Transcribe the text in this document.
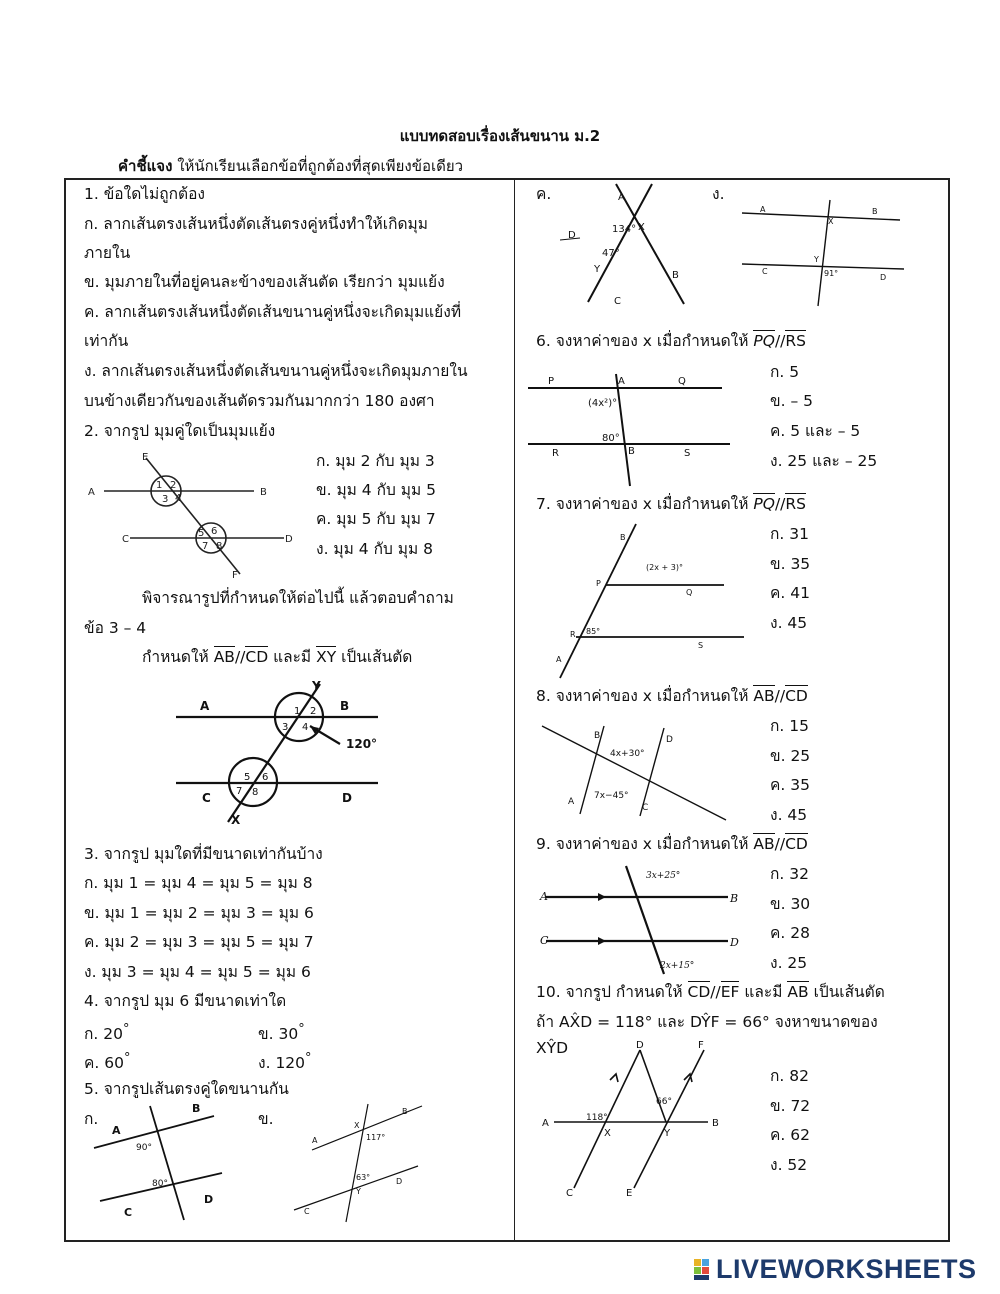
แบบทดสอบเรื่องเส้นขนาน ม.2
คำชี้แจง ให้นักเรียนเลือกข้อที่ถูกต้องที่สุดเพียงข้อเดียว
1. ข้อใดไม่ถูกต้อง
ก. ลากเส้นตรงเส้นหนึ่งตัดเส้นตรงคู่หนึ่งทำให้เกิดมุม
ภายใน
ข. มุมภายในที่อยู่คนละข้างของเส้นตัด เรียกว่า มุมแย้ง
ค. ลากเส้นตรงเส้นหนึ่งตัดเส้นขนานคู่หนึ่งจะเกิดมุมแย้งที่
เท่ากัน
ง. ลากเส้นตรงเส้นหนึ่งตัดเส้นขนานคู่หนึ่งจะเกิดมุมภายใน
บนข้างเดียวกันของเส้นตัดรวมกันมากกว่า 180 องศา
2. จากรูป มุมคู่ใดเป็นมุมแย้ง
ก. มุม 2 กับ มุม 3
ข. มุม 4 กับ มุม 5
ค. มุม 5 กับ มุม 7
ง. มุม 4 กับ มุม 8
E
A	B
C	D
F
1 2
3 4
5 6
7 8
พิจารณารูปที่กำหนดให้ต่อไปนี้ แล้วตอบคำถาม
ข้อ 3 – 4
กำหนดให้ AB//CD และมี XY เป็นเส้นตัด
Y
A	B
C	D
X
120°
1 2
3 4
5 6
7 8
3. จากรูป มุมใดที่มีขนาดเท่ากันบ้าง
ก. มุม 1 = มุม 4 = มุม 5 = มุม 8
ข. มุม 1 = มุม 2 = มุม 3 = มุม 6
ค. มุม 2 = มุม 3 = มุม 5 = มุม 7
ง. มุม 3 = มุม 4 = มุม 5 = มุม 6
4. จากรูป มุม 6 มีขนาดเท่าใด
ก. 20°	ข. 30°
ค. 60°	ง. 120°
5. จากรูปเส้นตรงคู่ใดขนานกัน
ก.	ข.
A
B
C
D
90°
80°
A
B
C
D
X
Y
117°
63°
ค.	ง.
A
B
C
D
X
Y
134°
47°
A	B
C
D
X
Y
91°
6. จงหาค่าของ x เมื่อกำหนดให้ PQ//RS
ก. 5
ข. – 5
ค. 5 และ – 5
ง. 25 และ – 25
P	A	Q
R	B	S
(4x²)°
80°
7. จงหาค่าของ x เมื่อกำหนดให้ PQ//RS
ก. 31
ข. 35
ค. 41
ง. 45
B
P
Q
R
S
A
(2x + 3)°
85°
8. จงหาค่าของ x เมื่อกำหนดให้ AB//CD
ก. 15
ข. 25
ค. 35
ง. 45
B	D
A
C
4x+30°
7x−45°
9. จงหาค่าของ x เมื่อกำหนดให้ AB//CD
ก. 32
ข. 30
ค. 28
ง. 25
A	B
C	D
3x+25°
2x+15°
10. จากรูป กำหนดให้ CD//EF และมี AB เป็นเส้นตัด
ถ้า AX̂D = 118° และ DŶF = 66° จงหาขนาดของ
XŶD
ก. 82
ข. 72
ค. 62
ง. 52
D	F
A
X	Y
B
C	E
118°
66°
LIVEWORKSHEETS
